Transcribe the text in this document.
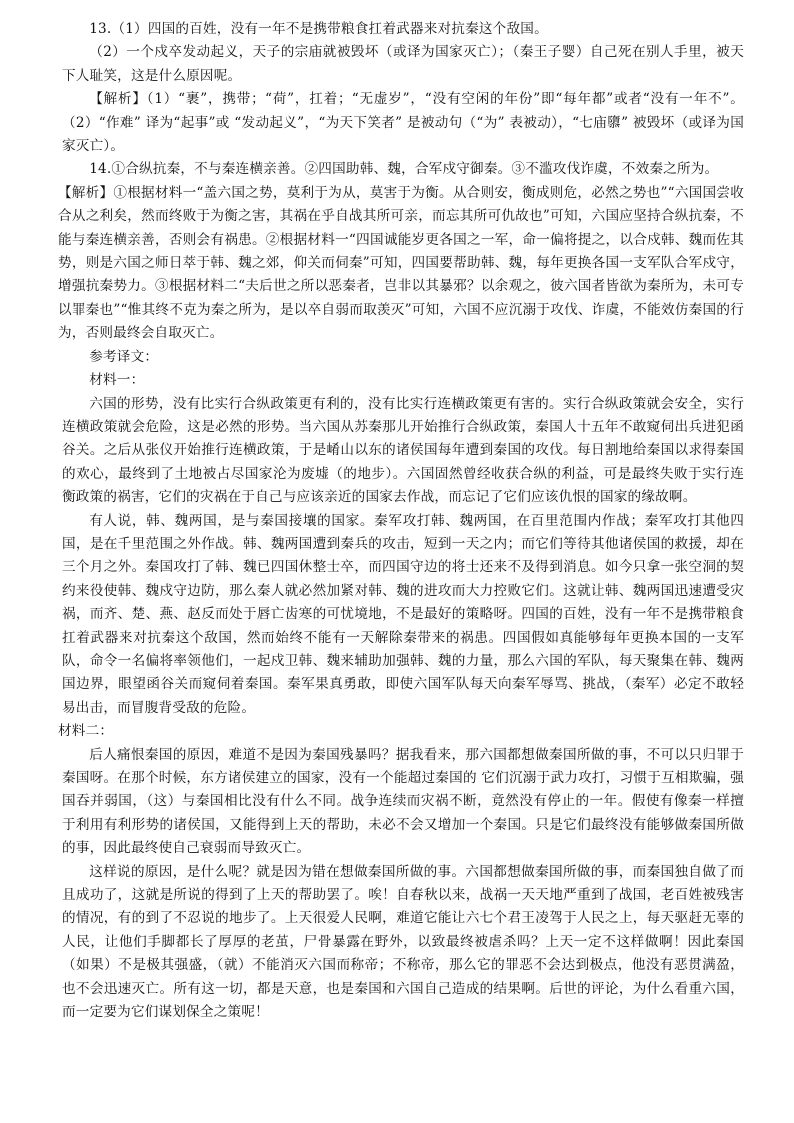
13.（1）四国的百姓，没有一年不是携带粮食扛着武器来对抗秦这个敌国。

（2）一个戍卒发动起义，天子的宗庙就被毁坏（或译为国家灭亡）；（秦王子婴）自己死在别人手里，被天下人耻笑，这是什么原因呢。

【解析】（1）“裹”，携带；“荷”，扛着；“无虚岁”，“没有空闲的年份”即“每年都”或者“没有一年不”。（2）“作难” 译为“起事”或 “发动起义”，“为天下笑者” 是被动句（“为” 表被动），“七庙隳” 被毁坏（或译为国家灭亡）。

14.①合纵抗秦，不与秦连横亲善。②四国助韩、魏，合军戍守御秦。③不滥攻伐诈虞，不效秦之所为。

【解析】①根据材料一“盖六国之势，莫利于为从，莫害于为衡。从合则安，衡成则危，必然之势也”“六国国尝收合从之利矣，然而终败于为衡之害，其祸在乎自战其所可亲，而忘其所可仇故也”可知，六国应坚持合纵抗秦，不能与秦连横亲善，否则会有祸患。②根据材料一“四国诚能岁更各国之一军，命一偏将提之，以合戍韩、魏而佐其势，则是六国之师日萃于韩、魏之郊，仰关而伺秦”可知，四国要帮助韩、魏，每年更换各国一支军队合军戍守，增强抗秦势力。③根据材料二“夫后世之所以恶秦者，岂非以其暴邪？以余观之，彼六国者皆欲为秦所为，未可专以罪秦也”“惟其终不克为秦之所为，是以卒自弱而取羡灭”可知，六国不应沉溺于攻伐、诈虞，不能效仿秦国的行为，否则最终会自取灭亡。

参考译文：

材料一：

六国的形势，没有比实行合纵政策更有利的，没有比实行连横政策更有害的。实行合纵政策就会安全，实行连横政策就会危险，这是必然的形势。当六国从苏秦那儿开始推行合纵政策，秦国人十五年不敢窥伺出兵进犯函谷关。之后从张仪开始推行连横政策，于是崤山以东的诸侯国每年遭到秦国的攻伐。每日割地给秦国以求得秦国的欢心，最终到了土地被占尽国家沦为废墟（的地步）。六国固然曾经收获合纵的利益，可是最终失败于实行连衡政策的祸害，它们的灾祸在于自己与应该亲近的国家去作战，而忘记了它们应该仇恨的国家的缘故啊。

有人说，韩、魏两国，是与秦国接壤的国家。秦军攻打韩、魏两国，在百里范围内作战；秦军攻打其他四国，是在千里范围之外作战。韩、魏两国遭到秦兵的攻击，短到一天之内；而它们等待其他诸侯国的救援，却在三个月之外。秦国攻打了韩、魏已四国休整士卒，而四国守边的将士还来不及得到消息。如今只拿一张空洞的契约来役使韩、魏戍守边防，那么秦人就必然加紧对韩、魏的进攻而大力控败它们。这就让韩、魏两国迅速遭受灾祸，而齐、楚、燕、赵反而处于唇亡齿寒的可忧境地，不是最好的策略呀。四国的百姓，没有一年不是携带粮食扛着武器来对抗秦这个敌国，然而始终不能有一天解除秦带来的祸患。四国假如真能够每年更换本国的一支军队，命令一名偏将率领他们，一起戍卫韩、魏来辅助加强韩、魏的力量，那么六国的军队，每天聚集在韩、魏两国边界，眼望函谷关而窥伺着秦国。秦军果真勇敢，即使六国军队每天向秦军辱骂、挑战，（秦军）必定不敢轻易出击，而冒腹背受敌的危险。

材料二：

后人痛恨秦国的原因，难道不是因为秦国残暴吗？据我看来，那六国都想做秦国所做的事，不可以只归罪于秦国呀。在那个时候，东方诸侯建立的国家，没有一个能超过秦国的 它们沉溺于武力攻打，习惯于互相欺骗，强国吞并弱国，（这）与秦国相比没有什么不同。战争连续而灾祸不断，竟然没有停止的一年。假使有像秦一样擅于利用有利形势的诸侯国，又能得到上天的帮助，未必不会又增加一个秦国。只是它们最终没有能够做秦国所做的事，因此最终使自己衰弱而导致灭亡。

这样说的原因，是什么呢？就是因为错在想做秦国所做的事。六国都想做秦国所做的事，而秦国独自做了而且成功了，这就是所说的得到了上天的帮助罢了。唉！自春秋以来，战祸一天天地严重到了战国，老百姓被残害的情况，有的到了不忍说的地步了。上天很爱人民啊，难道它能让六七个君王凌驾于人民之上，每天驱赶无辜的人民，让他们手脚都长了厚厚的老茧，尸骨暴露在野外，以致最终被虐杀吗？上天一定不这样做啊！因此秦国（如果）不是极其强盛，（就）不能消灭六国而称帝；不称帝，那么它的罪恶不会达到极点，他没有恶贯满盈，也不会迅速灭亡。所有这一切，都是天意，也是秦国和六国自己造成的结果啊。后世的评论，为什么看重六国，而一定要为它们谋划保全之策呢！
